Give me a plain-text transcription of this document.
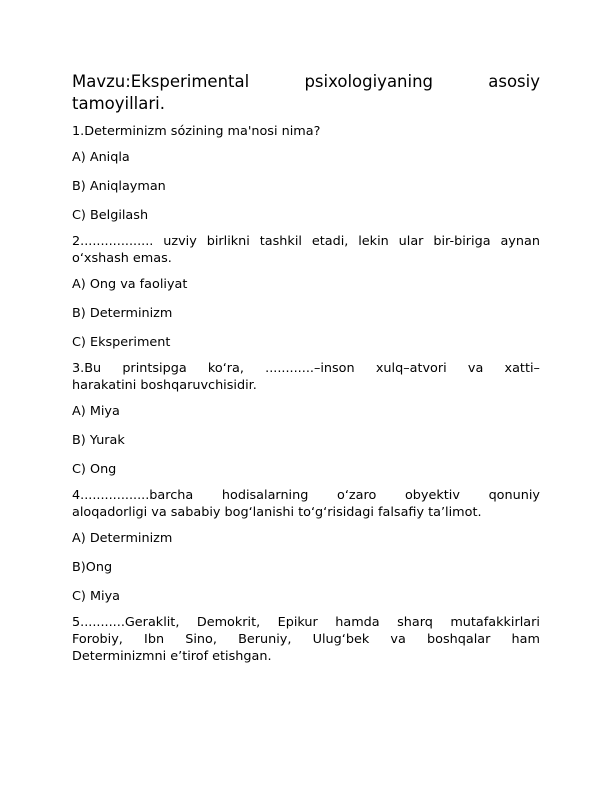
Mavzu:Eksperimental	psixologiyaning	asosiy
tamoyillari.
1.Determinizm sózining ma'nosi nima?
A) Aniqla
B) Aniqlayman
C) Belgilash
2.................. uzviy birlikni tashkil etadi, lekin ular bir-biriga aynan
o‘xshash emas.
A) Ong va faoliyat
B) Determinizm
C) Eksperiment
3.Bu printsipga ko‘ra, ............–inson xulq–atvori va xatti–
harakatini boshqaruvchisidir.
A) Miya
B) Yurak
C) Ong
4.................barcha hodisalarning o‘zaro obyektiv qonuniy
aloqadorligi va sababiy bog‘lanishi to‘g‘risidagi falsafiy ta’limot.
A) Determinizm
B)Ong
C) Miya
5...........Geraklit, Demokrit, Epikur hamda sharq mutafakkirlari
Forobiy, Ibn Sino, Beruniy, Ulug‘bek va boshqalar ham
Determinizmni e’tirof etishgan.
